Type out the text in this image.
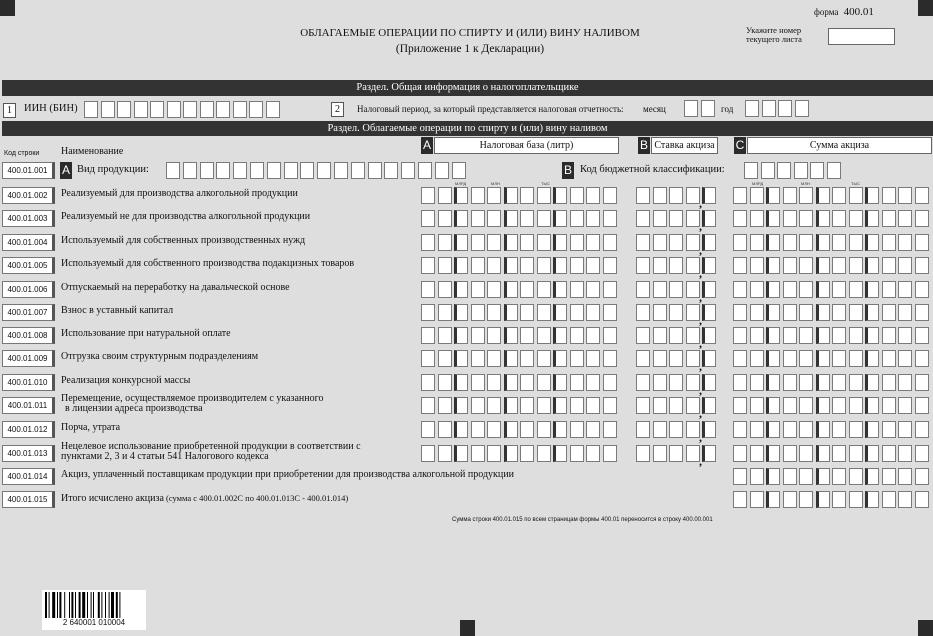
форма 400.01
ОБЛАГАЕМЫЕ ОПЕРАЦИИ ПО СПИРТУ И (ИЛИ) ВИНУ НАЛИВОМ
(Приложение 1 к Декларации)
Укажите номер
текущего листа
Раздел. Общая информация о налогоплательщике
1	ИИН (БИН)	2	Налоговый период, за который представляется налоговая отчетность: месяц	год
Раздел. Облагаемые операции по спирту и (или) вину наливом
Код строки Наименование	A	Налоговая база (литр)	B Ставка акциза C	Сумма акциза
400.01.001	A Вид продукции:	B Код бюджетной классификации:
МЛРД	МЛН	ТЫС	МЛРД	МЛН	ТЫС
400.01.002	Реализуемый для производства алкогольной продукции
,
400.01.003	Реализуемый не для производства алкогольной продукции
,
400.01.004	Используемый для собственных производственных нужд
,
400.01.005	Используемый для собственного производства подакцизных товаров
,
400.01.006	Отпускаемый на переработку на давальческой основе
,
400.01.007	Взнос в уставный капитал
,
400.01.008	Использование при натуральной оплате
,
400.01.009	Отгрузка своим структурным подразделениям
,
400.01.010	Реализация конкурсной массы
,
400.01.011
Перемещение, осуществляемое производителем с указанного
в лицензии адреса производства	,
400.01.012	Порча, утрата
,
400.01.013
Нецелевое использование приобретенной продукции в соответствии с
пунктами 2, 3 и 4 статьи 541 Налогового кодекса	,
400.01.014	Акциз, уплаченный поставщикам продукции при приобретении для производства алкогольной продукции
400.01.015	Итого исчислено акциза (сумма с 400.01.002С по 400.01.013С - 400.01.014)
Сумма строки 400.01.015 по всем страницам формы 400.01 переносится в строку 400.00.001
2 640001 010004
